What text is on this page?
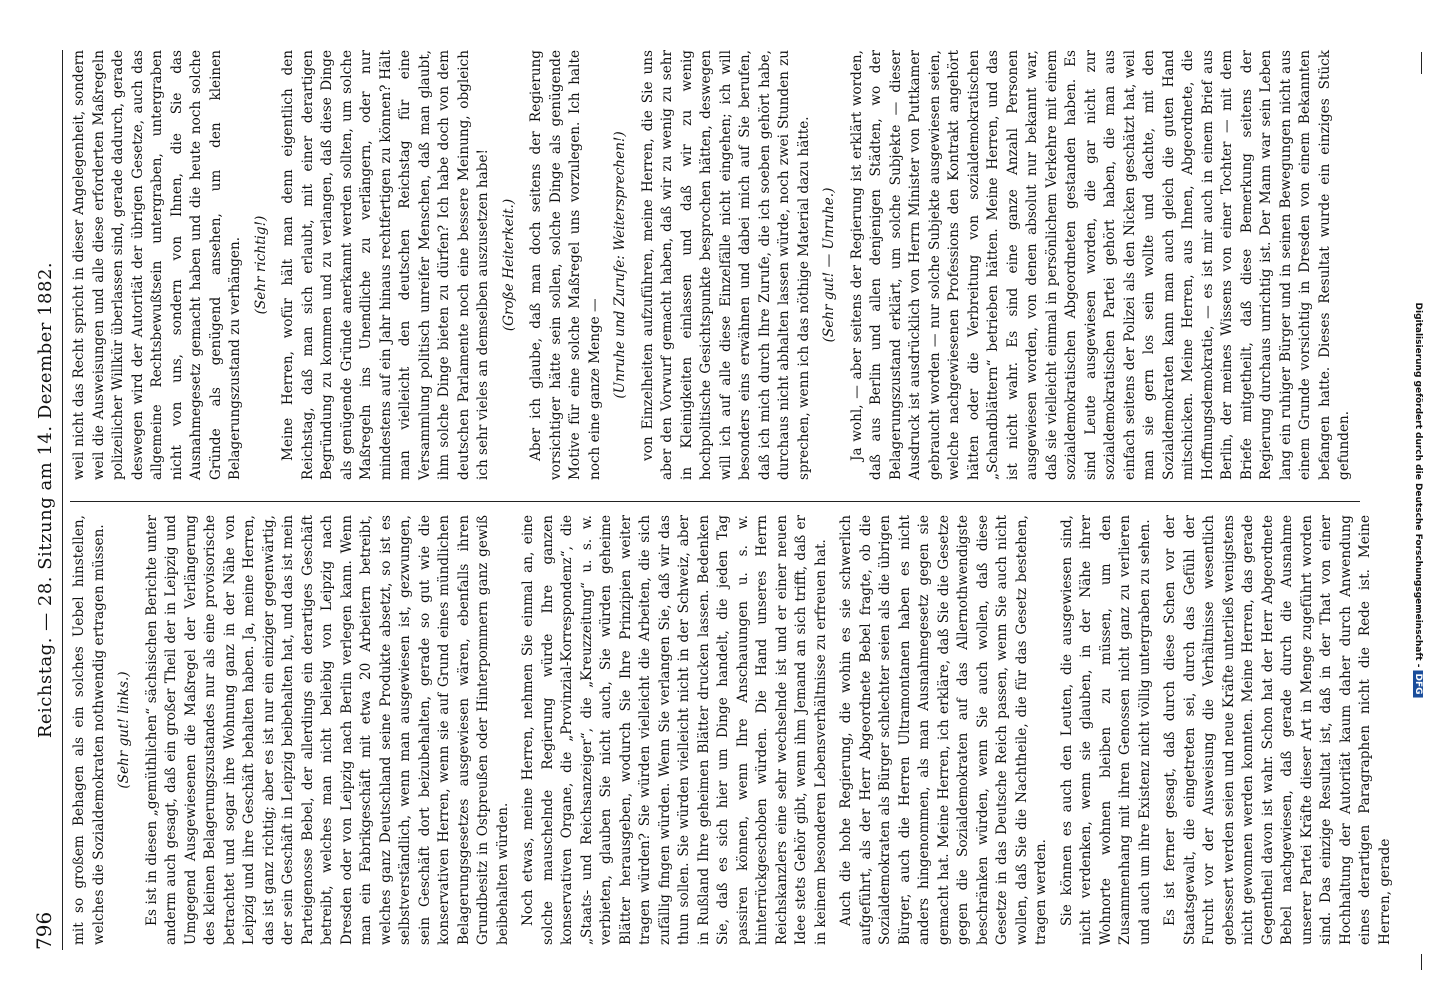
796
Reichstag. — 28. Sitzung am 14. Dezember 1882. mit so großem Behagen als ein solches Uebel hinstellen, welches die Sozialdemokraten nothwendig ertragen müssen. (Sehr gut! links.) Es ist in diesen „gemüthlichen“ sächsischen Berichte unter anderm auch gesagt, daß ein großer Theil der in Leipzig und Umgegend Ausgewiesenen die Maßregel der Verlängerung des kleinen Belagerungszustandes nur als eine provisorische betrachtet und sogar ihre Wohnung ganz in der Nähe von Leipzig und ihre Geschäft behalten haben. Ja, meine Herren, das ist ganz richtig; aber es ist nur ein einziger gegenwärtig, der sein Geschäft in Leipzig beibehalten hat, und das ist mein Parteigenosse Bebel, der allerdings ein derartiges Geschäft betreibt, welches man nicht beliebig von Leipzig nach Dresden oder von Leipzig nach Berlin verlegen kann. Wenn man ein Fabrikgeschäft mit etwa 20 Arbeitern betreibt, welches ganz Deutschland seine Produkte absetzt, so ist es selbstverständlich, wenn man ausgewiesen ist, gezwungen, sein Geschäft dort beizubehalten, gerade so gut wie die konservativen Herren, wenn sie auf Grund eines mündlichen Belagerungsgesetzes ausgewiesen wären, ebenfalls ihren Grundbesitz in Ostpreußen oder Hinterpommern ganz gewiß beibehalten würden. Noch etwas, meine Herren, nehmen Sie einmal an, eine solche mauschelnde Regierung würde Ihre ganzen konservativen Organe, die „Provinzial-Korrespondenz“, die „Staats- und Reichsanzeiger“, die „Kreuzzeitung“ u. s. w. verbieten, glauben Sie nicht auch, Sie würden geheime Blätter herausgeben, wodurch Sie Ihre Prinzipien weiter tragen würden? Sie würden vielleicht die Arbeiten, die sich zufällig fingen würden. Wenn Sie verlangen Sie, daß wir das thun sollen. Sie würden vielleicht nicht in der Schweiz, aber in Rußland Ihre geheimen Blätter drucken lassen. Bedenken Sie, daß es sich hier um Dinge handelt, die jeden Tag passiren können, wenn Ihre Anschauungen u. s. w. hinterrückgeschoben würden. Die Hand unseres Herrn Reichskanzlers eine sehr wechselnde ist und er einer neuen Idee stets Gehör gibt, wenn ihm Jemand an sich trifft, daß er in keinem besonderen Lebensverhältnisse zu erfreuen hat. Auch die hohe Regierung, die wohin es sie schwerlich aufgeführt, als der Herr Abgeordnete Bebel fragte, ob die Sozialdemokraten als Bürger schlechter seien als die übrigen Bürger, auch die Herren Ultramontanen haben es nicht anders hingenommen, als man Ausnahmegesetz gegen sie gemacht hat. Meine Herren, ich erkläre, daß Sie die Gesetze gegen die Sozialdemokraten auf das Allernothwendigste beschränken würden, wenn Sie auch wollen, daß diese Gesetze in das Deutsche Reich passen, wenn Sie auch nicht wollen, daß Sie die Nachtheile, die für das Gesetz bestehen, tragen werden. Sie können es auch den Leuten, die ausgewiesen sind, nicht verdenken, wenn sie glauben, in der Nähe ihrer Wohnorte wohnen bleiben zu müssen, um den Zusammenhang mit ihren Genossen nicht ganz zu verlieren und auch um ihre Existenz nicht völlig untergraben zu sehen. Es ist ferner gesagt, daß durch diese Schen vor der Staatsgewalt, die eingetreten sei, durch das Gefühl der Furcht vor der Ausweisung die Verhältnisse wesentlich gebessert werden seien und neue Kräfte unterließ wenigstens nicht gewonnen werden konnten. Meine Herren, das gerade Gegentheil davon ist wahr. Schon hat der Herr Abgeordnete Bebel nachgewiesen, daß gerade durch die Ausnahme unserer Partei Kräfte dieser Art in Menge zugeführt worden sind. Das einzige Resultat ist, daß in der That von einer Hochhaltung der Autorität kaum daher durch Anwendung eines derartigen Paragraphen nicht die Rede ist. Meine Herren, gerade

weil nicht das Recht spricht in dieser Angelegenheit, sondern weil die Ausweisungen und alle diese erforderten Maßregeln polizeilicher Willkür überlassen sind, gerade dadurch, gerade deswegen wird der Autorität der übrigen Gesetze, auch das allgemeine Rechtsbewußtsein untergraben, untergraben nicht von uns, sondern von Ihnen, die Sie das Ausnahmegesetz gemacht haben und die heute noch solche Gründe als genügend ansehen, um den kleinen Belagerungszustand zu verhängen. (Sehr richtig!) Meine Herren, wofür hält man denn eigentlich den Reichstag, daß man sich erlaubt, mit einer derartigen Begründung zu kommen und zu verlangen, daß diese Dinge als genügende Gründe anerkannt werden sollten, um solche Maßregeln ins Unendliche zu verlängern, oder nur mindestens auf ein Jahr hinaus rechtfertigen zu können? Hält man vielleicht den deutschen Reichstag für eine Versammlung politisch unreifer Menschen, daß man glaubt, ihm solche Dinge bieten zu dürfen? Ich habe doch von dem deutschen Parlamente noch eine bessere Meinung, obgleich ich sehr vieles an demselben auszusetzen habe! (Große Heiterkeit.) Aber ich glaube, daß man doch seitens der Regierung vorsichtiger hätte sein sollen, solche Dinge als genügende Motive für eine solche Maßregel uns vorzulegen. Ich halte noch eine ganze Menge — (Unruhe und Zurufe: Weitersprechen!) von Einzelheiten aufzuführen, meine Herren, die Sie uns aber den Vorwurf gemacht haben, daß wir zu wenig zu sehr in Kleinigkeiten einlassen und daß wir zu wenig hochpolitische Gesichtspunkte besprochen hätten, deswegen will ich auf alle diese Einzelfälle nicht eingehen; ich will besonders eins erwähnen und dabei mich auf Sie berufen, daß ich mich durch Ihre Zurufe, die ich soeben gehört habe, durchaus nicht abhalten lassen würde, noch zwei Stunden zu sprechen, wenn ich das nöthige Material dazu hätte. (Sehr gut! — Unruhe.) Ja wohl, — aber seitens der Regierung ist erklärt worden, daß aus Berlin und allen denjenigen Städten, wo der Belagerungszustand erklärt, um solche Subjekte — dieser Ausdruck ist ausdrücklich von Herrn Minister von Puttkamer gebraucht worden — nur solche Subjekte ausgewiesen seien, welche nachgewiesenen Professions den Kontrakt angehört hätten oder die Verbreitung von sozialdemokratischen „Schandblättern“ betrieben hätten. Meine Herren, und das ist nicht wahr. Es sind eine ganze Anzahl Personen ausgewiesen worden, von denen absolut nur bekannt war, daß sie vielleicht einmal in persönlichem Verkehre mit einem sozialdemokratischen Abgeordneten gestanden haben. Es sind Leute ausgewiesen worden, die gar nicht zur sozialdemokratischen Partei gehört haben, die man aus einfach seitens der Polizei als den Nicken geschätzt hat, weil man sie gern los sein wollte und dachte, mit den Sozialdemokraten kann man auch gleich die guten Hand mitschicken. Meine Herren, aus Ihnen, Abgeordnete, die Hoffnungsdemokratie, — es ist mir auch in einem Brief aus Berlin, der meines Wissens von einer Tochter — mit dem Briefe mitgetheilt, daß diese Bemerkung seitens der Regierung durchaus unrichtig ist. Der Mann war sein Leben lang ein ruhiger Bürger und in seinen Bewegungen nicht aus einem Grunde vorsichtig in Dresden von einem Bekannten befangen hatte. Dieses Resultat wurde ein einziges Stück gefunden.	Digitalisierung gefördert durch die Deutsche Forschungsgemeinschaft -DFG
